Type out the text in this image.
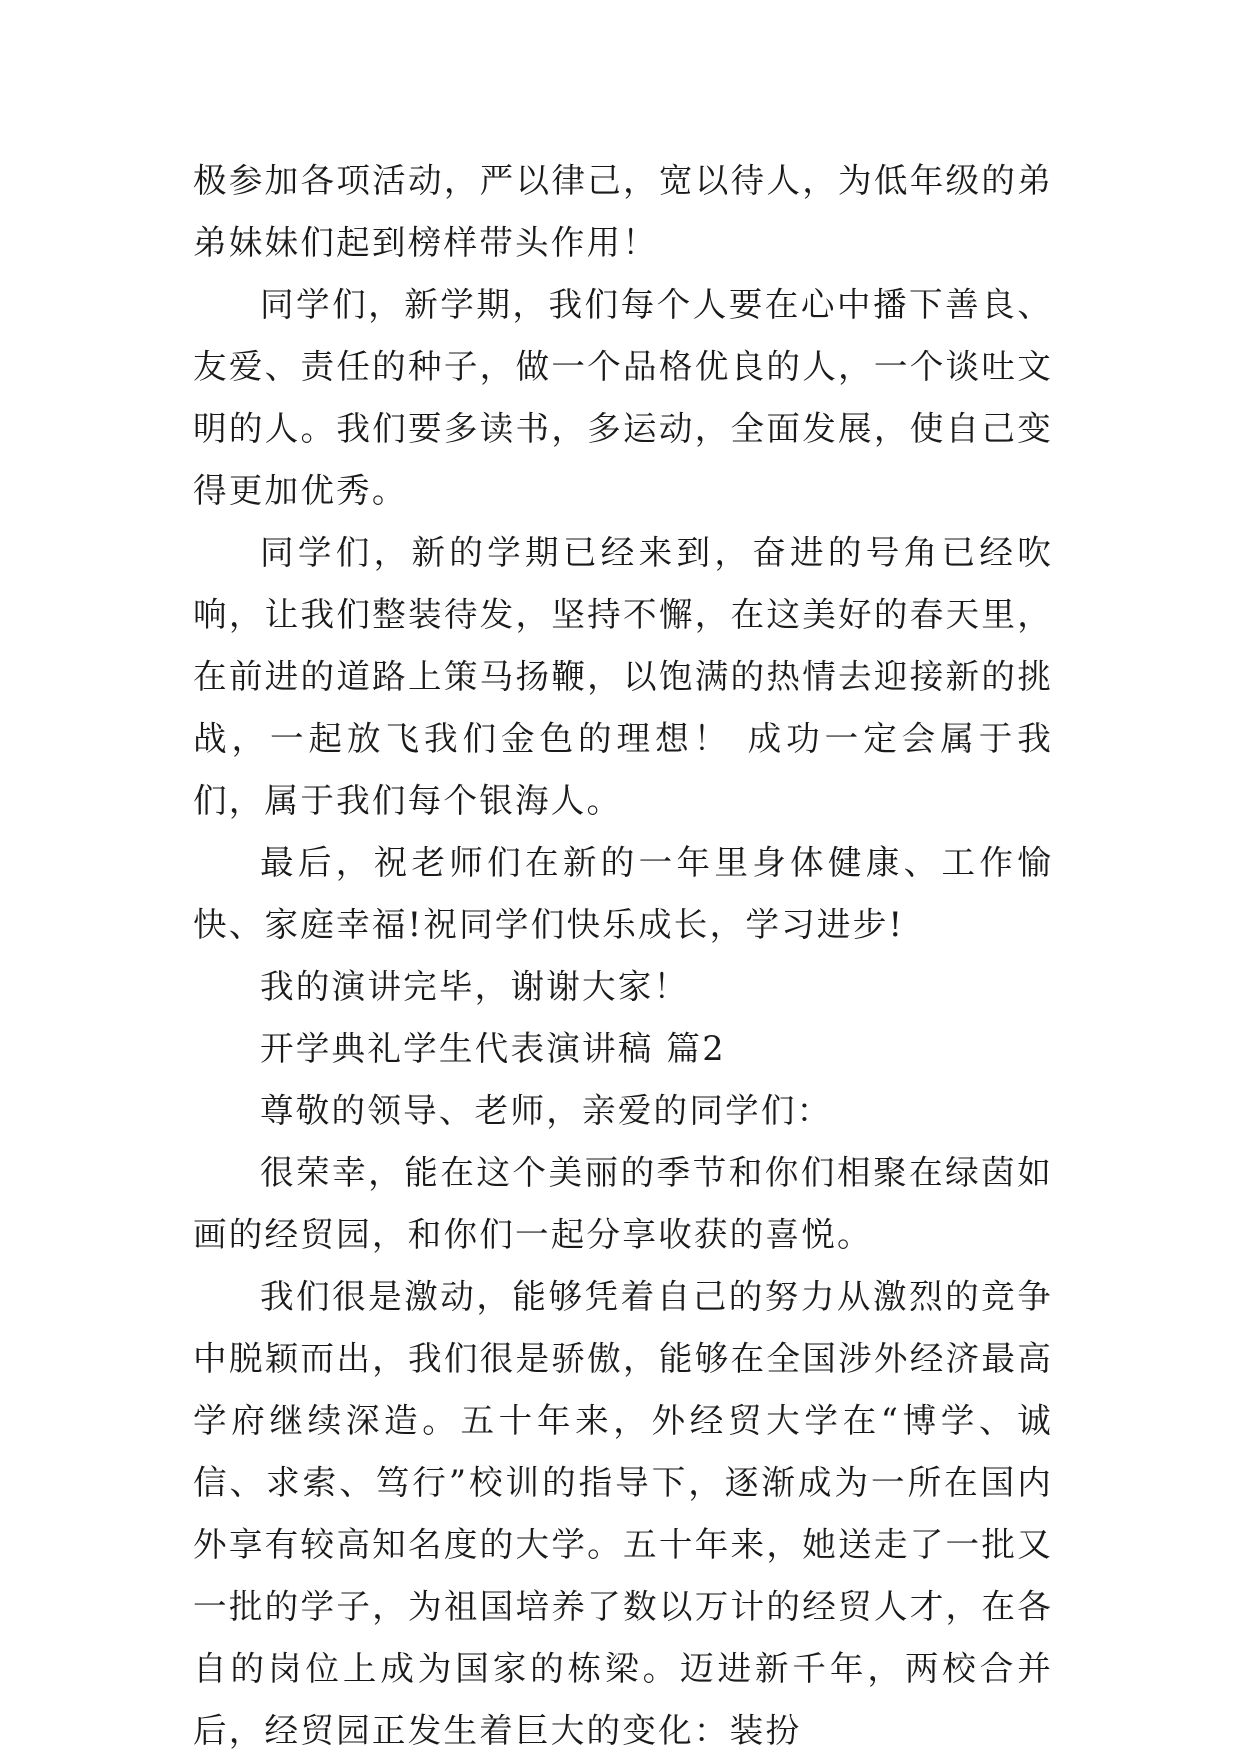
极参加各项活动，严以律己，宽以待人，为低年级的弟弟妹妹们起到榜样带头作用！

同学们，新学期，我们每个人要在心中播下善良、友爱、责任的种子，做一个品格优良的人，一个谈吐文明的人。我们要多读书，多运动，全面发展，使自己变得更加优秀。

同学们，新的学期已经来到，奋进的号角已经吹响，让我们整装待发，坚持不懈，在这美好的春天里，在前进的道路上策马扬鞭，以饱满的热情去迎接新的挑战，一起放飞我们金色的理想！ 成功一定会属于我们，属于我们每个银海人。

最后，祝老师们在新的一年里身体健康、工作愉快、家庭幸福!祝同学们快乐成长，学习进步!

我的演讲完毕，谢谢大家！

开学典礼学生代表演讲稿 篇2

尊敬的领导、老师，亲爱的同学们：

很荣幸，能在这个美丽的季节和你们相聚在绿茵如画的经贸园，和你们一起分享收获的喜悦。

我们很是激动，能够凭着自己的努力从激烈的竞争中脱颖而出，我们很是骄傲，能够在全国涉外经济最高学府继续深造。五十年来，外经贸大学在“博学、诚信、求索、笃行”校训的指导下，逐渐成为一所在国内外享有较高知名度的大学。五十年来，她送走了一批又一批的学子，为祖国培养了数以万计的经贸人才，在各自的岗位上成为国家的栋梁。迈进新千年，两校合并后，经贸园正发生着巨大的变化：装扮
